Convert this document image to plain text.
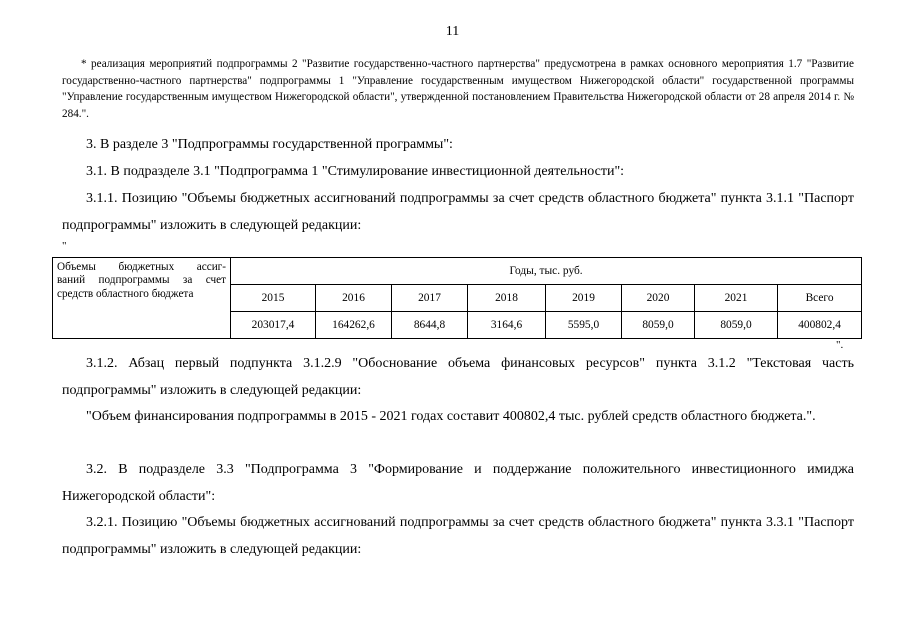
11
* реализация мероприятий подпрограммы 2 "Развитие государственно-частного партнерства" предусмотрена в рамках основного мероприятия 1.7 "Развитие государственно-частного партнерства" подпрограммы 1 "Управление государственным имуществом Нижегородской области" государственной программы "Управление государственным имуществом Нижегородской области", утвержденной постановлением Правительства Нижегородской области от 28 апреля 2014 г. № 284.".
3. В разделе 3 "Подпрограммы государственной программы":
3.1. В подразделе 3.1 "Подпрограмма 1 "Стимулирование инвестиционной деятельности":
3.1.1. Позицию "Объемы бюджетных ассигнований подпрограммы за счет средств областного бюджета" пункта 3.1.1 "Паспорт подпрограммы" изложить в следующей редакции:
"
Объемы бюджетных ассиг-
ваний подпрограммы за счет
средств областного бюджета	Годы, тыс. руб.							
	2015	2016	2017	2018	2019	2020	2021	Всего
	203017,4	164262,6	8644,8	3164,6	5595,0	8059,0	8059,0	400802,4
".
3.1.2. Абзац первый подпункта 3.1.2.9 "Обоснование объема финансовых ресурсов" пункта 3.1.2 "Текстовая часть подпрограммы" изложить в следующей редакции:
"Объем финансирования подпрограммы в 2015 - 2021 годах составит 400802,4 тыс. рублей средств областного бюджета.".
3.2. В подразделе 3.3 "Подпрограмма 3 "Формирование и поддержание положительного инвестиционного имиджа Нижегородской области":
3.2.1. Позицию "Объемы бюджетных ассигнований подпрограммы за счет средств областного бюджета" пункта 3.3.1 "Паспорт подпрограммы" изложить в следующей редакции:
